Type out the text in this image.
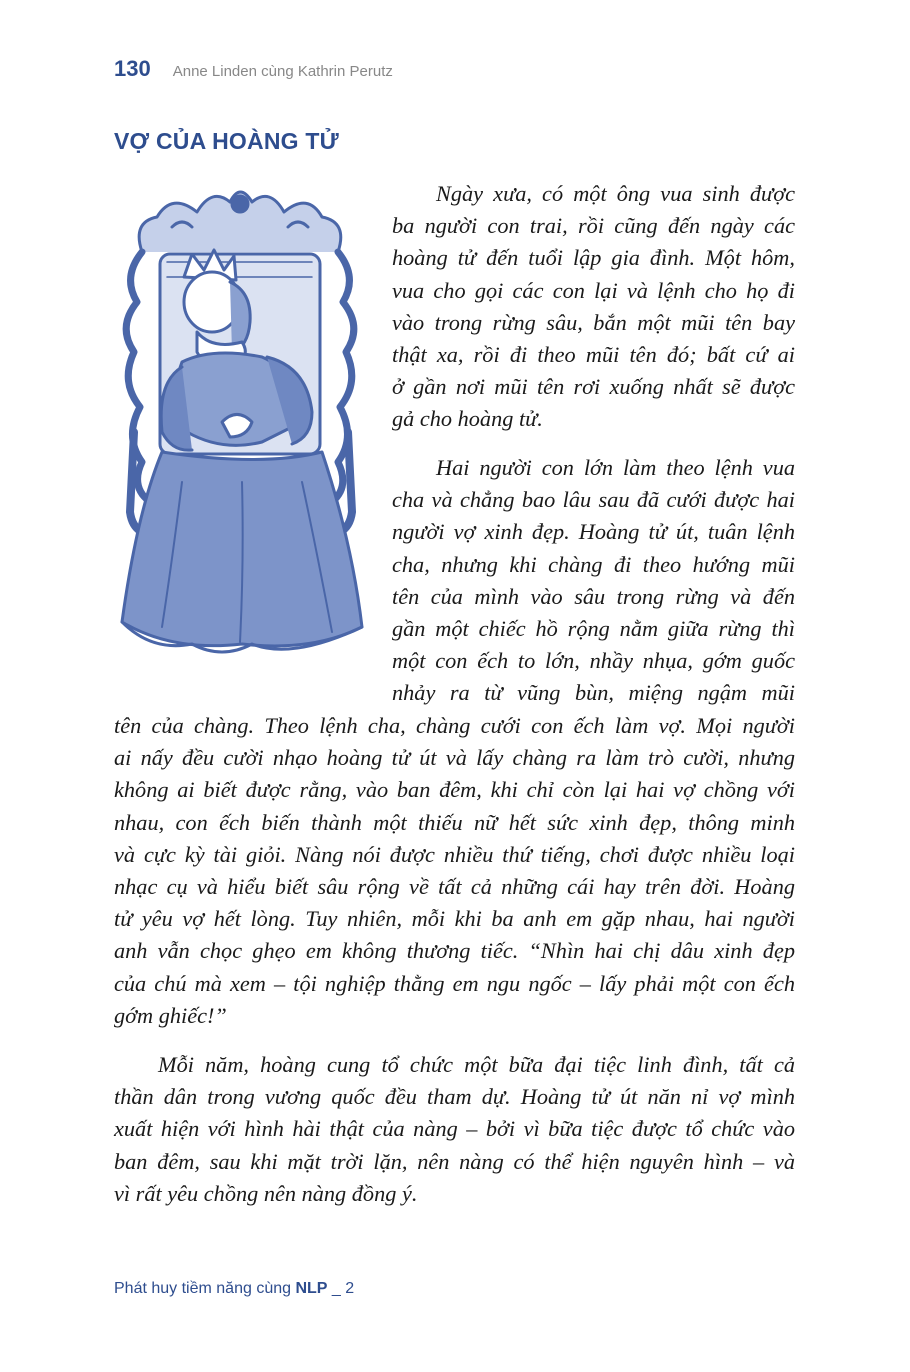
130 Anne Linden cùng Kathrin Perutz
VỢ CỦA HOÀNG TỬ
Ngày xưa, có một ông vua sinh được
ba người con trai, rồi cũng đến ngày các
hoàng tử đến tuổi lập gia đình. Một hôm,
vua cho gọi các con lại và lệnh cho họ đi
vào trong rừng sâu, bắn một mũi tên bay
thật xa, rồi đi theo mũi tên đó; bất cứ ai
ở gần nơi mũi tên rơi xuống nhất sẽ được
gả cho hoàng tử.
Hai người con lớn làm theo lệnh vua
cha và chẳng bao lâu sau đã cưới được hai
người vợ xinh đẹp. Hoàng tử út, tuân lệnh
cha, nhưng khi chàng đi theo hướng mũi
tên của mình vào sâu trong rừng và đến
gần một chiếc hồ rộng nằm giữa rừng thì
một con ếch to lớn, nhầy nhụa, gớm guốc
nhảy ra từ vũng bùn, miệng ngậm mũi
tên của chàng. Theo lệnh cha, chàng cưới con ếch làm vợ. Mọi người
ai nấy đều cười nhạo hoàng tử út và lấy chàng ra làm trò cười, nhưng
không ai biết được rằng, vào ban đêm, khi chỉ còn lại hai vợ chồng với
nhau, con ếch biến thành một thiếu nữ hết sức xinh đẹp, thông minh
và cực kỳ tài giỏi. Nàng nói được nhiều thứ tiếng, chơi được nhiều loại
nhạc cụ và hiểu biết sâu rộng về tất cả những cái hay trên đời. Hoàng
tử yêu vợ hết lòng. Tuy nhiên, mỗi khi ba anh em gặp nhau, hai người
anh vẫn chọc ghẹo em không thương tiếc. “Nhìn hai chị dâu xinh đẹp
của chú mà xem – tội nghiệp thằng em ngu ngốc – lấy phải một con ếch
gớm ghiếc!”
Mỗi năm, hoàng cung tổ chức một bữa đại tiệc linh đình, tất cả
thần dân trong vương quốc đều tham dự. Hoàng tử út năn nỉ vợ mình
xuất hiện với hình hài thật của nàng – bởi vì bữa tiệc được tổ chức vào
ban đêm, sau khi mặt trời lặn, nên nàng có thể hiện nguyên hình – và
vì rất yêu chồng nên nàng đồng ý.
Phát huy tiềm năng cùng NLP _ 2
